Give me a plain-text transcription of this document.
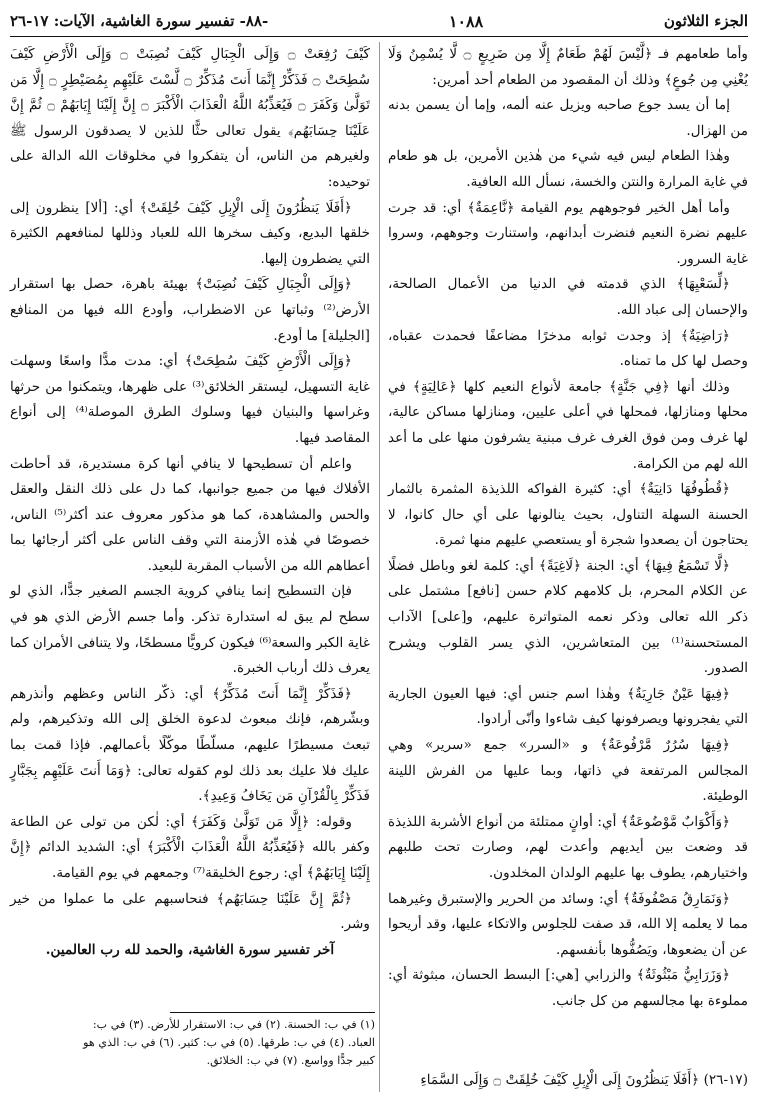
الجزء الثلاثون
١٠٨٨
-٨٨- تفسير سورة الغاشية، الآيات: ١٧-٢٦

وأما طعامهم فـ ﴿لَّيْسَ لَهُمْ طَعَامٌ إِلَّا مِن ضَرِيعٍ ۝ لَّا يُسْمِنُ وَلَا يُغْنِي مِن جُوعٍ﴾ وذلك أن المقصود من الطعام أحد أمرين:

إما أن يسد جوع صاحبه ويزيل عنه ألمه، وإما أن يسمن بدنه من الهزال.

وهٰذا الطعام ليس فيه شيء من هٰذين الأمرين، بل هو طعام في غاية المرارة والنتن والخسة، نسأل الله العافية.

وأما أهل الخير فوجوههم يوم القيامة ﴿نَّاعِمَةٌ﴾ أي: قد جرت عليهم نضرة النعيم فنضرت أبدانهم، واستنارت وجوههم، وسروا غاية السرور.

﴿لِّسَعْيِهَا﴾ الذي قدمته في الدنيا من الأعمال الصالحة، والإحسان إلى عباد الله.

﴿رَاضِيَةٌ﴾ إذ وجدت ثوابه مدخرًا مضاعفًا فحمدت عقباه، وحصل لها كل ما تمناه.

وذلك أنها ﴿فِي جَنَّةٍ﴾ جامعة لأنواع النعيم كلها ﴿عَالِيَةٍ﴾ في محلها ومنازلها، فمحلها في أعلى عليين، ومنازلها مساكن عالية، لها غرف ومن فوق الغرف غرف مبنية يشرفون منها على ما أعد الله لهم من الكرامة.

﴿قُطُوفُهَا دَانِيَةٌ﴾ أي: كثيرة الفواكه اللذيذة المثمرة بالثمار الحسنة السهلة التناول، بحيث ينالونها على أي حال كانوا، لا يحتاجون أن يصعدوا شجرة أو يستعصي عليهم منها ثمرة.

﴿لَّا تَسْمَعُ فِيهَا﴾ أي: الجنة ﴿لَاغِيَةً﴾ أي: كلمة لغو وباطل فضلًا عن الكلام المحرم، بل كلامهم كلام حسن [نافع] مشتمل على ذكر الله تعالى وذكر نعمه المتواترة عليهم، و[على] الآداب المستحسنة⁽¹⁾ بين المتعاشرين، الذي يسر القلوب ويشرح الصدور.

﴿فِيهَا عَيْنٌ جَارِيَةٌ﴾ وهٰذا اسم جنس أي: فيها العيون الجارية التي يفجرونها ويصرفونها كيف شاءوا وأنّى أرادوا.

﴿فِيهَا سُرُرٌ مَّرْفُوعَةٌ﴾ و «السرر» جمع «سرير» وهي المجالس المرتفعة في ذاتها، وبما عليها من الفرش اللينة الوطيئة.

﴿وَأَكْوَابٌ مَّوْضُوعَةٌ﴾ أي: أوانٍ ممتلئة من أنواع الأشربة اللذيذة قد وضعت بين أيديهم وأعدت لهم، وصارت تحت طلبهم واختيارهم، يطوف بها عليهم الولدان المخلدون.

﴿وَنَمَارِقُ مَصْفُوفَةٌ﴾ أي: وسائد من الحرير والإستبرق وغيرهما مما لا يعلمه إلا الله، قد صفت للجلوس والاتكاء عليها، وقد أريحوا عن أن يضعوها، ويَصُفُّوها بأنفسهم.

﴿وَزَرَابِيُّ مَبْثُوثَةٌ﴾ والزرابي [هي:] البسط الحسان، مبثوثة أي: مملوءة بها مجالسهم من كل جانب.

كَيْفَ رُفِعَتْ ۝ وَإِلَى الْجِبَالِ كَيْفَ نُصِبَتْ ۝ وَإِلَى الْأَرْضِ كَيْفَ سُطِحَتْ ۝ فَذَكِّرْ إِنَّمَا أَنتَ مُذَكِّرٌ ۝ لَّسْتَ عَلَيْهِم بِمُصَيْطِرٍ ۝ إِلَّا مَن تَوَلَّىٰ وَكَفَرَ ۝ فَيُعَذِّبُهُ اللَّهُ الْعَذَابَ الْأَكْبَرَ ۝ إِنَّ إِلَيْنَا إِيَابَهُمْ ۝ ثُمَّ إِنَّ عَلَيْنَا حِسَابَهُم﴾ يقول تعالى حثًّا للذين لا يصدقون الرسول ﷺ ولغيرهم من الناس، أن يتفكروا في مخلوقات الله الدالة على توحيده:

﴿أَفَلَا يَنظُرُونَ إِلَى الْإِبِلِ كَيْفَ خُلِقَتْ﴾ أي: [ألا] ينظرون إلى خلقها البديع، وكيف سخرها الله للعباد وذللها لمنافعهم الكثيرة التي يضطرون إليها.

﴿وَإِلَى الْجِبَالِ كَيْفَ نُصِبَتْ﴾ بهيئة باهرة، حصل بها استقرار الأرض⁽²⁾ وثباتها عن الاضطراب، وأودع الله فيها من المنافع [الجليلة] ما أودع.

﴿وَإِلَى الْأَرْضِ كَيْفَ سُطِحَتْ﴾ أي: مدت مدًّا واسعًا وسهلت غاية التسهيل، ليستقر الخلائق⁽³⁾ على ظهرها، ويتمكنوا من حرثها وغراسها والبنيان فيها وسلوك الطرق الموصلة⁽⁴⁾ إلى أنواع المقاصد فيها.

واعلم أن تسطيحها لا ينافي أنها كرة مستديرة، قد أحاطت الأفلاك فيها من جميع جوانبها، كما دل على ذلك النقل والعقل والحس والمشاهدة، كما هو مذكور معروف عند أكثر⁽⁵⁾ الناس، خصوصًا في هٰذه الأزمنة التي وقف الناس على أكثر أرجائها بما أعطاهم الله من الأسباب المقربة للبعيد.

فإن التسطيح إنما ينافي كروية الجسم الصغير جدًّا، الذي لو سطح لم يبق له استدارة تذكر. وأما جسم الأرض الذي هو في غاية الكبر والسعة⁽⁶⁾ فيكون كرويًّا مسطحًا، ولا يتنافى الأمران كما يعرف ذلك أرباب الخبرة.

﴿فَذَكِّرْ إِنَّمَا أَنتَ مُذَكِّرٌ﴾ أي: ذكّر الناس وعظهم وأنذرهم وبشّرهم، فإنك مبعوث لدعوة الخلق إلى الله وتذكيرهم، ولم تبعث مسيطرًا عليهم، مسلّطًا موكّلًا بأعمالهم. فإذا قمت بما عليك فلا عليك بعد ذلك لوم كقوله تعالى: ﴿وَمَا أَنتَ عَلَيْهِم بِجَبَّارٍ فَذَكِّرْ بِالْقُرْآنِ مَن يَخَافُ وَعِيدِ﴾.

وقوله: ﴿إِلَّا مَن تَوَلَّىٰ وَكَفَرَ﴾ أي: لٰكن من تولى عن الطاعة وكفر بالله ﴿فَيُعَذِّبُهُ اللَّهُ الْعَذَابَ الْأَكْبَرَ﴾ أي: الشديد الدائم ﴿إِنَّ إِلَيْنَا إِيَابَهُمْ﴾ أي: رجوع الخليقة⁽⁷⁾ وجمعهم في يوم القيامة.

﴿ثُمَّ إِنَّ عَلَيْنَا حِسَابَهُم﴾ فنحاسبهم على ما عملوا من خير وشر.

آخر تفسير سورة الغاشية، والحمد لله رب العالمين.

(١) في ب: الحسنة. (٢) في ب: الاستقرار للأرض. (٣) في ب:

العباد. (٤) في ب: طرقها. (٥) في ب: كثير. (٦) في ب: الذي هو

كبير جدًّا وواسع. (٧) في ب: الخلائق.

(١٧-٢٦) ﴿أَفَلَا يَنظُرُونَ إِلَى الْإِبِلِ كَيْفَ خُلِقَتْ ۝ وَإِلَى السَّمَاءِ
